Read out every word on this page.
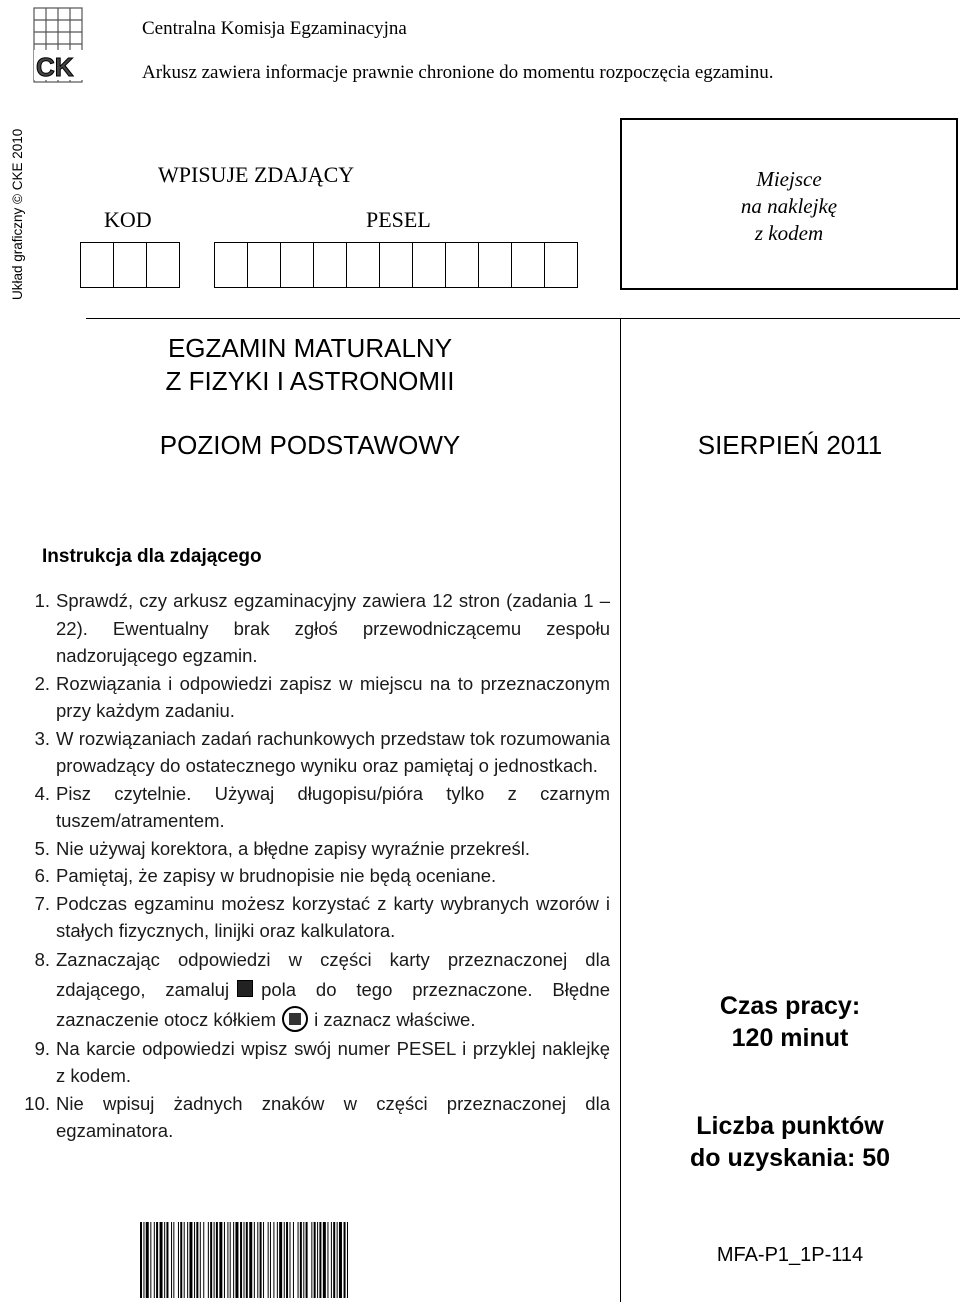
CK
Centralna Komisja Egzaminacyjna
Arkusz zawiera informacje prawnie chronione do momentu rozpoczęcia egzaminu.
Układ graficzny © CKE 2010	WPISUJE ZDAJĄCY
KOD	PESEL
Miejsce
na naklejkę
z kodem
EGZAMIN MATURALNY
Z FIZYKI I ASTRONOMII
POZIOM PODSTAWOWY	SIERPIEŃ 2011
Instrukcja dla zdającego
1. Sprawdź, czy arkusz egzaminacyjny zawiera 12 stron (zadania 1 – 22). Ewentualny brak zgłoś przewodniczącemu zespołu nadzorującego egzamin.
2. Rozwiązania i odpowiedzi zapisz w miejscu na to przeznaczonym przy każdym zadaniu.
3. W rozwiązaniach zadań rachunkowych przedstaw tok rozumowania prowadzący do ostatecznego wyniku oraz pamiętaj o jednostkach.
4. Pisz czytelnie. Używaj długopisu/pióra tylko z czarnym tuszem/atramentem.
5. Nie używaj korektora, a błędne zapisy wyraźnie przekreśl.
6. Pamiętaj, że zapisy w brudnopisie nie będą oceniane.
7. Podczas egzaminu możesz korzystać z karty wybranych wzorów i stałych fizycznych, linijki oraz kalkulatora.
8. Zaznaczając odpowiedzi w części karty przeznaczonej dla zdającego, zamaluj pola do tego przeznaczone. Błędne zaznaczenie otocz kółkiem i zaznacz właściwe.
9. Na karcie odpowiedzi wpisz swój numer PESEL i przyklej naklejkę z kodem.
10. Nie wpisuj żadnych znaków w części przeznaczonej dla egzaminatora.
Czas pracy:
120 minut
Liczba punktów
do uzyskania: 50
MFA-P1_1P-114
